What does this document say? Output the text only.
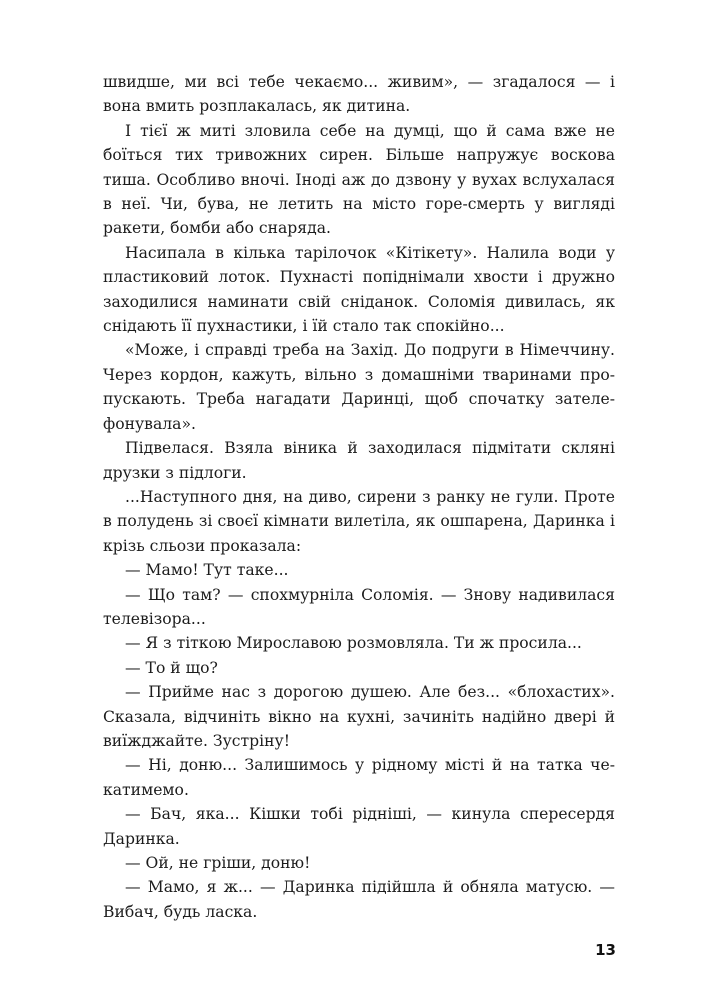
швидше, ми всі тебе чекаємо... живим», — згадалося — і вона вмить розплакалась, як дитина.

І тієї ж миті зловила себе на думці, що й сама вже не боїться тих тривожних сирен. Більше напружує воскова тиша. Особливо вночі. Іноді аж до дзвону у вухах вслухалася в неї. Чи, бува, не летить на місто горе-смерть у вигляді ракети, бомби або снаряда.

Насипала в кілька тарілочок «Кітікету». Налила води у пластиковий лоток. Пухнасті попіднімали хвости і дружно заходилися наминати свій сніданок. Соломія дивилась, як снідають її пухнастики, і їй стало так спокійно...

«Може, і справді треба на Захід. До подруги в Німеччину. Через кордон, кажуть, вільно з домашніми тваринами пропускають. Треба нагадати Даринці, щоб спочатку зателефонувала».

Підвелася. Взяла віника й заходилася підмітати скляні друзки з підлоги.

...Наступного дня, на диво, сирени з ранку не гули. Проте в полудень зі своєї кімнати вилетіла, як ошпарена, Даринка і крізь сльози проказала:

— Мамо! Тут таке...

— Що там? — спохмурніла Соломія. — Знову надивилася телевізора...

— Я з тіткою Мирославою розмовляла. Ти ж просила...

— То й що?

— Прийме нас з дорогою душею. Але без... «блохастих». Сказала, відчиніть вікно на кухні, зачиніть надійно двері й виїжджайте. Зустріну!

— Ні, доню... Залишимось у рідному місті й на татка чекатимемо.

— Бач, яка... Кішки тобі рідніші, — кинула спересердя Даринка.

— Ой, не гріши, доню!

— Мамо, я ж... — Даринка підійшла й обняла матусю. — Вибач, будь ласка.

13
